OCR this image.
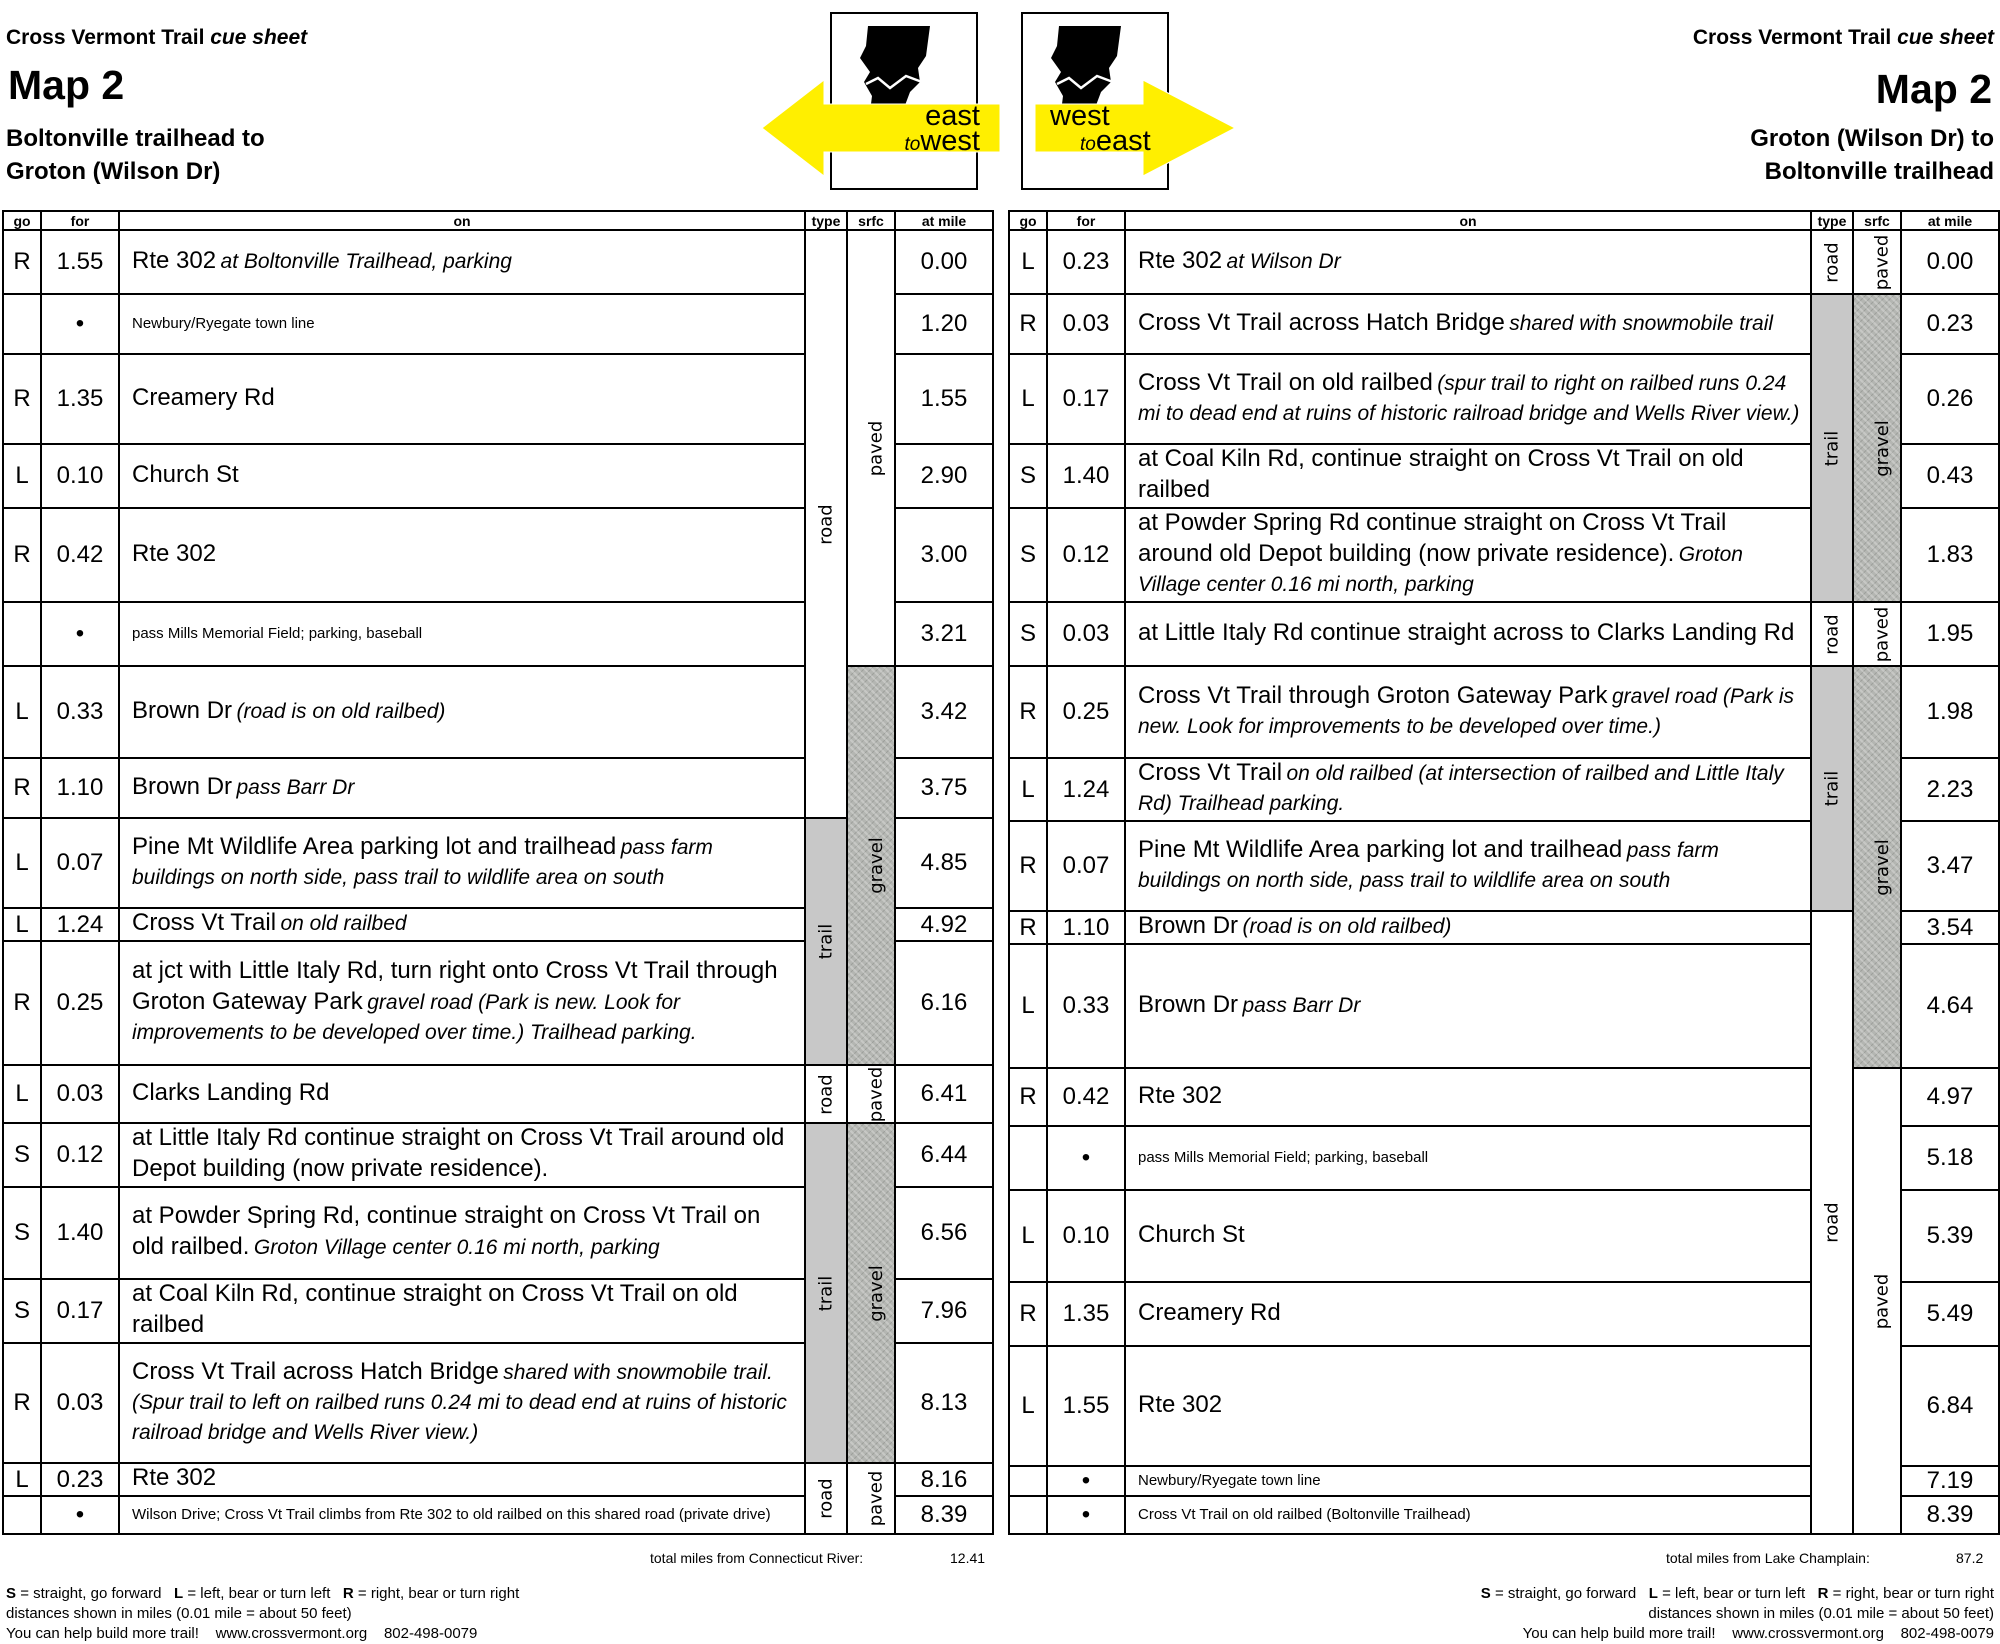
Cross Vermont Trail cue sheet
Map 2
Boltonville trailhead to
Groton (Wilson Dr)
Cross Vermont Trail cue sheet
Map 2
Groton (Wilson Dr) to
Boltonville trailhead
east
towest
west
toeast
go	for	on	type	srfc	at mile
R	1.55	Rte 302 at Boltonville Trailhead, parking	road	paved	0.00
	•	Newbury/Ryegate town line			1.20
R	1.35	Creamery Rd			1.55
L	0.10	Church St			2.90
R	0.42	Rte 302			3.00
	•	pass Mills Memorial Field; parking, baseball			3.21
L	0.33	Brown Dr (road is on old railbed)		gravel	3.42
R	1.10	Brown Dr pass Barr Dr			3.75
L	0.07	Pine Mt Wildlife Area parking lot and trailhead pass farm buildings on north side, pass trail to wildlife area on south	trail		4.85
L	1.24	Cross Vt Trail on old railbed			4.92
R	0.25	at jct with Little Italy Rd, turn right onto Cross Vt Trail through Groton Gateway Park gravel road (Park is new. Look for improvements to be developed over time.) Trailhead parking.			6.16
L	0.03	Clarks Landing Rd	road	paved	6.41
S	0.12	at Little Italy Rd continue straight on Cross Vt Trail around old Depot building (now private residence).	trail	gravel	6.44
S	1.40	at Powder Spring Rd, continue straight on Cross Vt Trail on old railbed. Groton Village center 0.16 mi north, parking			6.56
S	0.17	at Coal Kiln Rd, continue straight on Cross Vt Trail on old railbed			7.96
R	0.03	Cross Vt Trail across Hatch Bridge shared with snowmobile trail. (Spur trail to left on railbed runs 0.24 mi to dead end at ruins of historic railroad bridge and Wells River view.)			8.13
L	0.23	Rte 302	road	paved	8.16
	•	Wilson Drive; Cross Vt Trail climbs from Rte 302 to old railbed on this shared road (private drive)			8.39
go	for	on	type	srfc	at mile
L	0.23	Rte 302 at Wilson Dr	road	paved	0.00
R	0.03	Cross Vt Trail across Hatch Bridge shared with snowmobile trail	trail	gravel	0.23
L	0.17	Cross Vt Trail on old railbed (spur trail to right on railbed runs 0.24 mi to dead end at ruins of historic railroad bridge and Wells River view.)			0.26
S	1.40	at Coal Kiln Rd, continue straight on Cross Vt Trail on old railbed			0.43
S	0.12	at Powder Spring Rd continue straight on Cross Vt Trail around old Depot building (now private residence). Groton Village center 0.16 mi north, parking			1.83
S	0.03	at Little Italy Rd continue straight across to Clarks Landing Rd	road	paved	1.95
R	0.25	Cross Vt Trail through Groton Gateway Park gravel road (Park is new. Look for improvements to be developed over time.)	trail	gravel	1.98
L	1.24	Cross Vt Trail on old railbed (at intersection of railbed and Little Italy Rd) Trailhead parking.			2.23
R	0.07	Pine Mt Wildlife Area parking lot and trailhead pass farm buildings on north side, pass trail to wildlife area on south			3.47
R	1.10	Brown Dr (road is on old railbed)	road		3.54
L	0.33	Brown Dr pass Barr Dr			4.64
R	0.42	Rte 302		paved	4.97
	•	pass Mills Memorial Field; parking, baseball			5.18
L	0.10	Church St			5.39
R	1.35	Creamery Rd			5.49
L	1.55	Rte 302			6.84
	•	Newbury/Ryegate town line			7.19
	•	Cross Vt Trail on old railbed (Boltonville Trailhead)			8.39
total miles from Connecticut River:	12.41	total miles from Lake Champlain:	87.2
S = straight, go forward L = left, bear or turn left R = right, bear or turn right
distances shown in miles (0.01 mile = about 50 feet)
You can help build more trail!    www.crossvermont.org    802-498-0079
S = straight, go forward L = left, bear or turn left R = right, bear or turn right
distances shown in miles (0.01 mile = about 50 feet)
You can help build more trail!    www.crossvermont.org    802-498-0079
